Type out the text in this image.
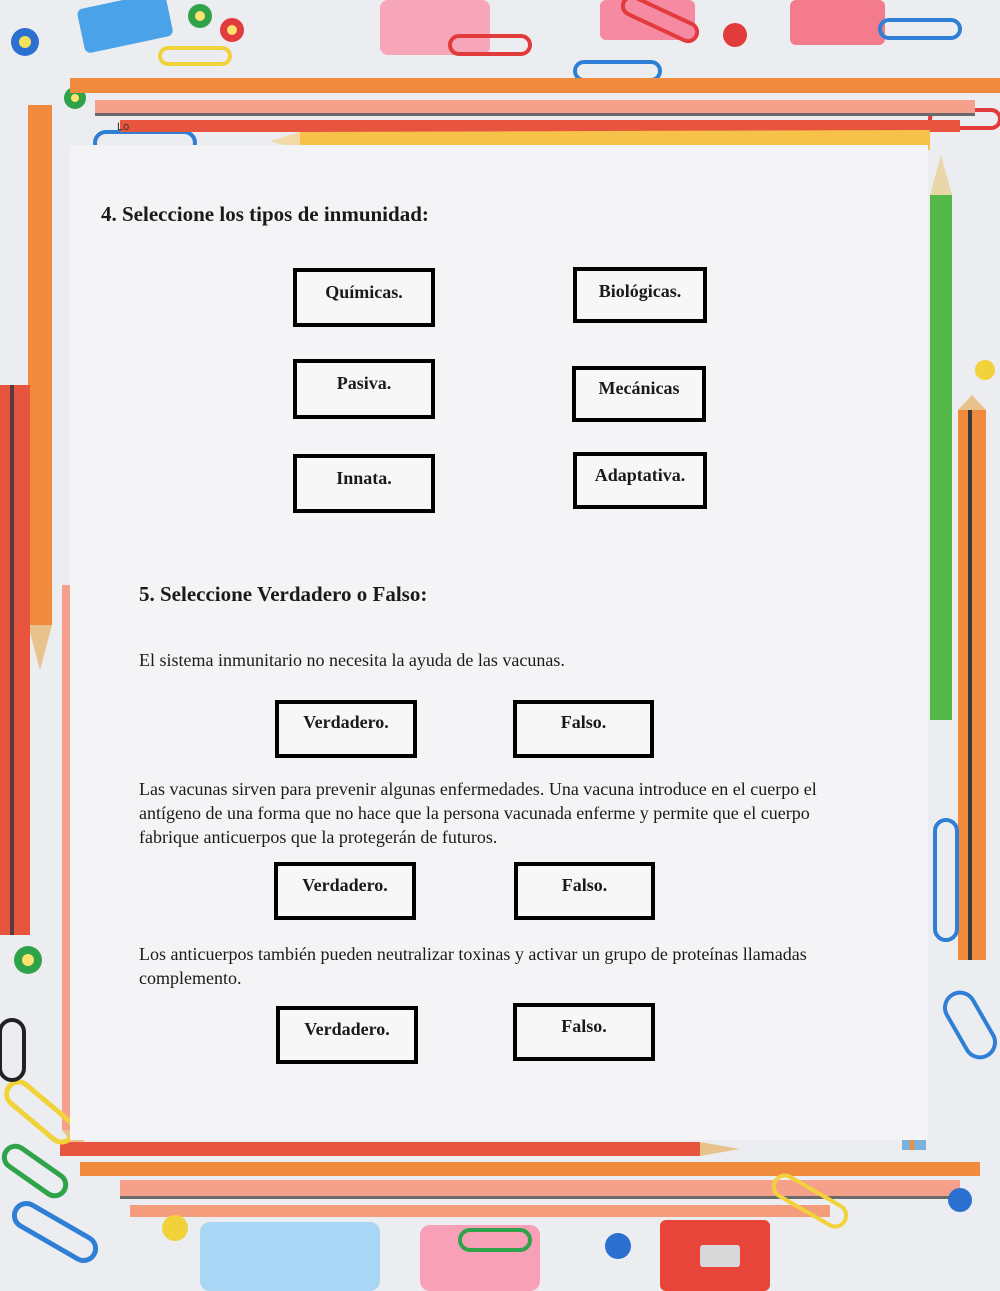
Lo
4. Seleccione los tipos de inmunidad:
Químicas.	Biológicas.
Pasiva.	Mecánicas
Innata.	Adaptativa.
5. Seleccione Verdadero o Falso:
El sistema inmunitario no necesita la ayuda de las vacunas.
Verdadero.	Falso.
Las vacunas sirven para prevenir algunas enfermedades. Una vacuna introduce en el cuerpo el antígeno de una forma que no hace que la persona vacunada enferme y permite que el cuerpo fabrique anticuerpos que la protegerán de futuros.
Verdadero.	Falso.
Los anticuerpos también pueden neutralizar toxinas y activar un grupo de proteínas llamadas complemento.
Verdadero.	Falso.
